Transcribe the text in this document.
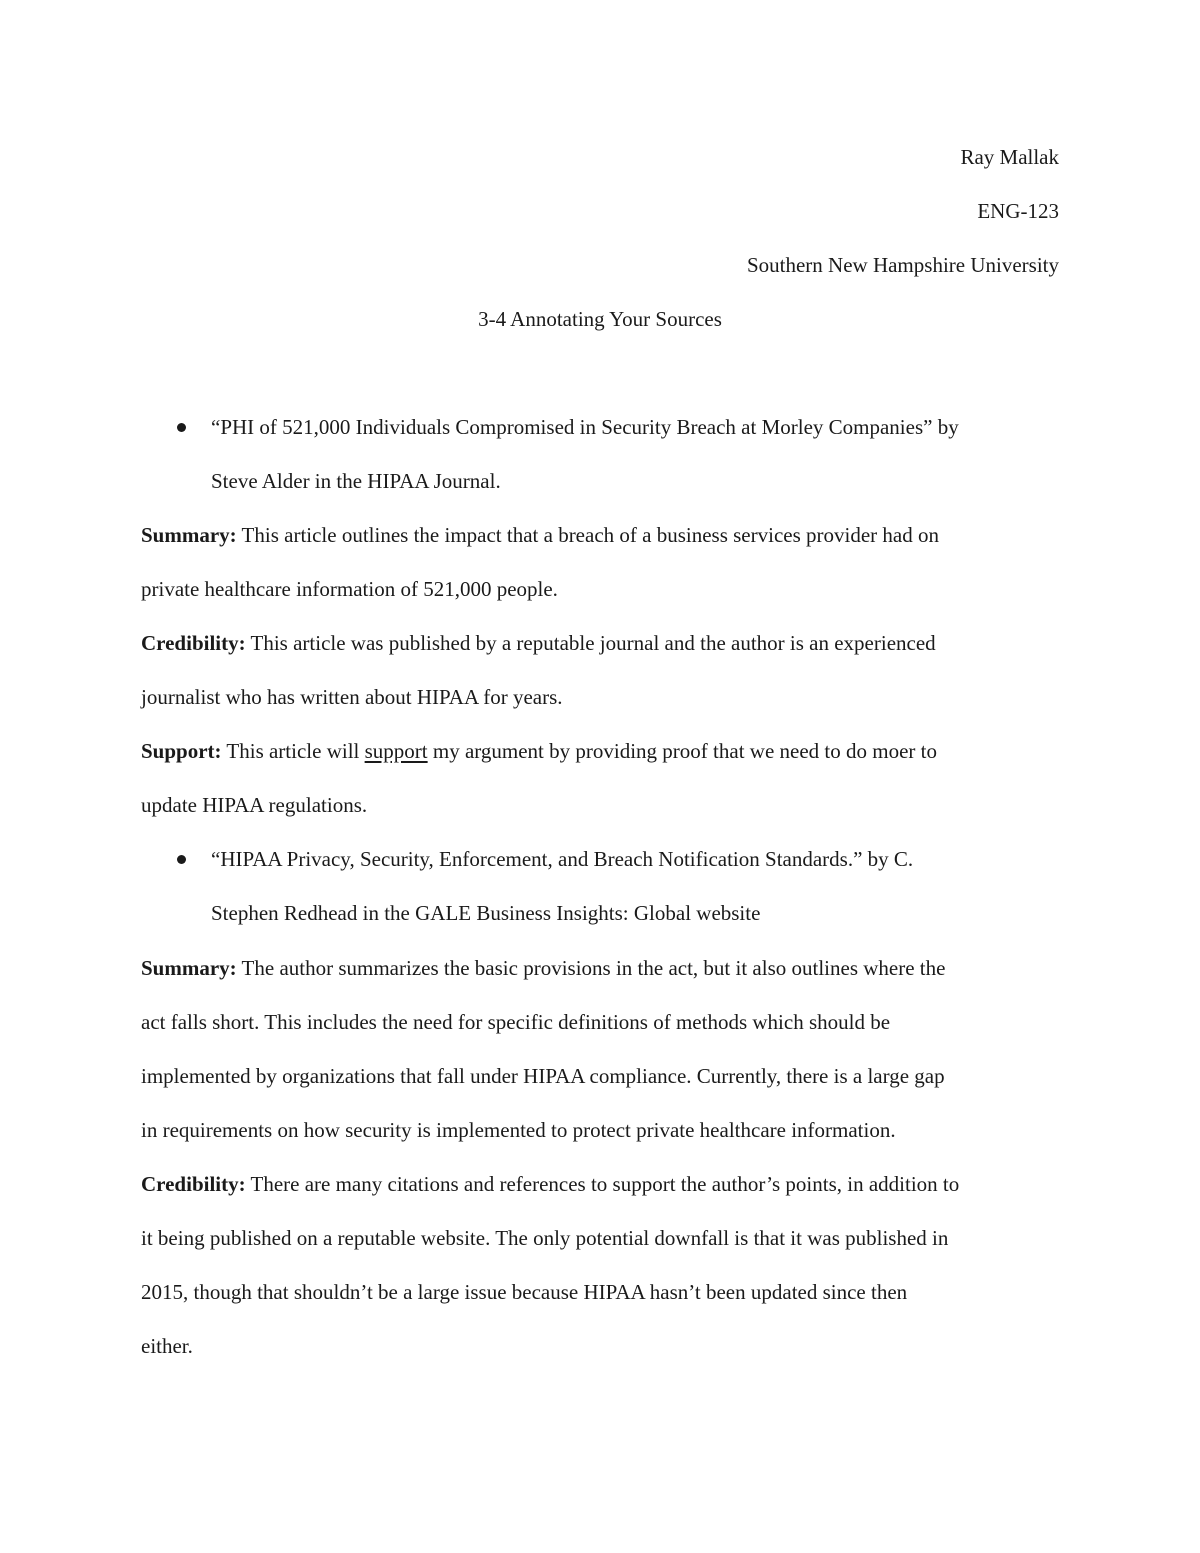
Ray Mallak
ENG-123
Southern New Hampshire University
3-4 Annotating Your Sources
“PHI of 521,000 Individuals Compromised in Security Breach at Morley Companies” by
Steve Alder in the HIPAA Journal.
Summary: This article outlines the impact that a breach of a business services provider had on
private healthcare information of 521,000 people.
Credibility: This article was published by a reputable journal and the author is an experienced
journalist who has written about HIPAA for years.
Support: This article will support my argument by providing proof that we need to do moer to
update HIPAA regulations.
“HIPAA Privacy, Security, Enforcement, and Breach Notification Standards.” by C.
Stephen Redhead in the GALE Business Insights: Global website
Summary: The author summarizes the basic provisions in the act, but it also outlines where the
act falls short. This includes the need for specific definitions of methods which should be
implemented by organizations that fall under HIPAA compliance. Currently, there is a large gap
in requirements on how security is implemented to protect private healthcare information.
Credibility: There are many citations and references to support the author’s points, in addition to
it being published on a reputable website. The only potential downfall is that it was published in
2015, though that shouldn’t be a large issue because HIPAA hasn’t been updated since then
either.
